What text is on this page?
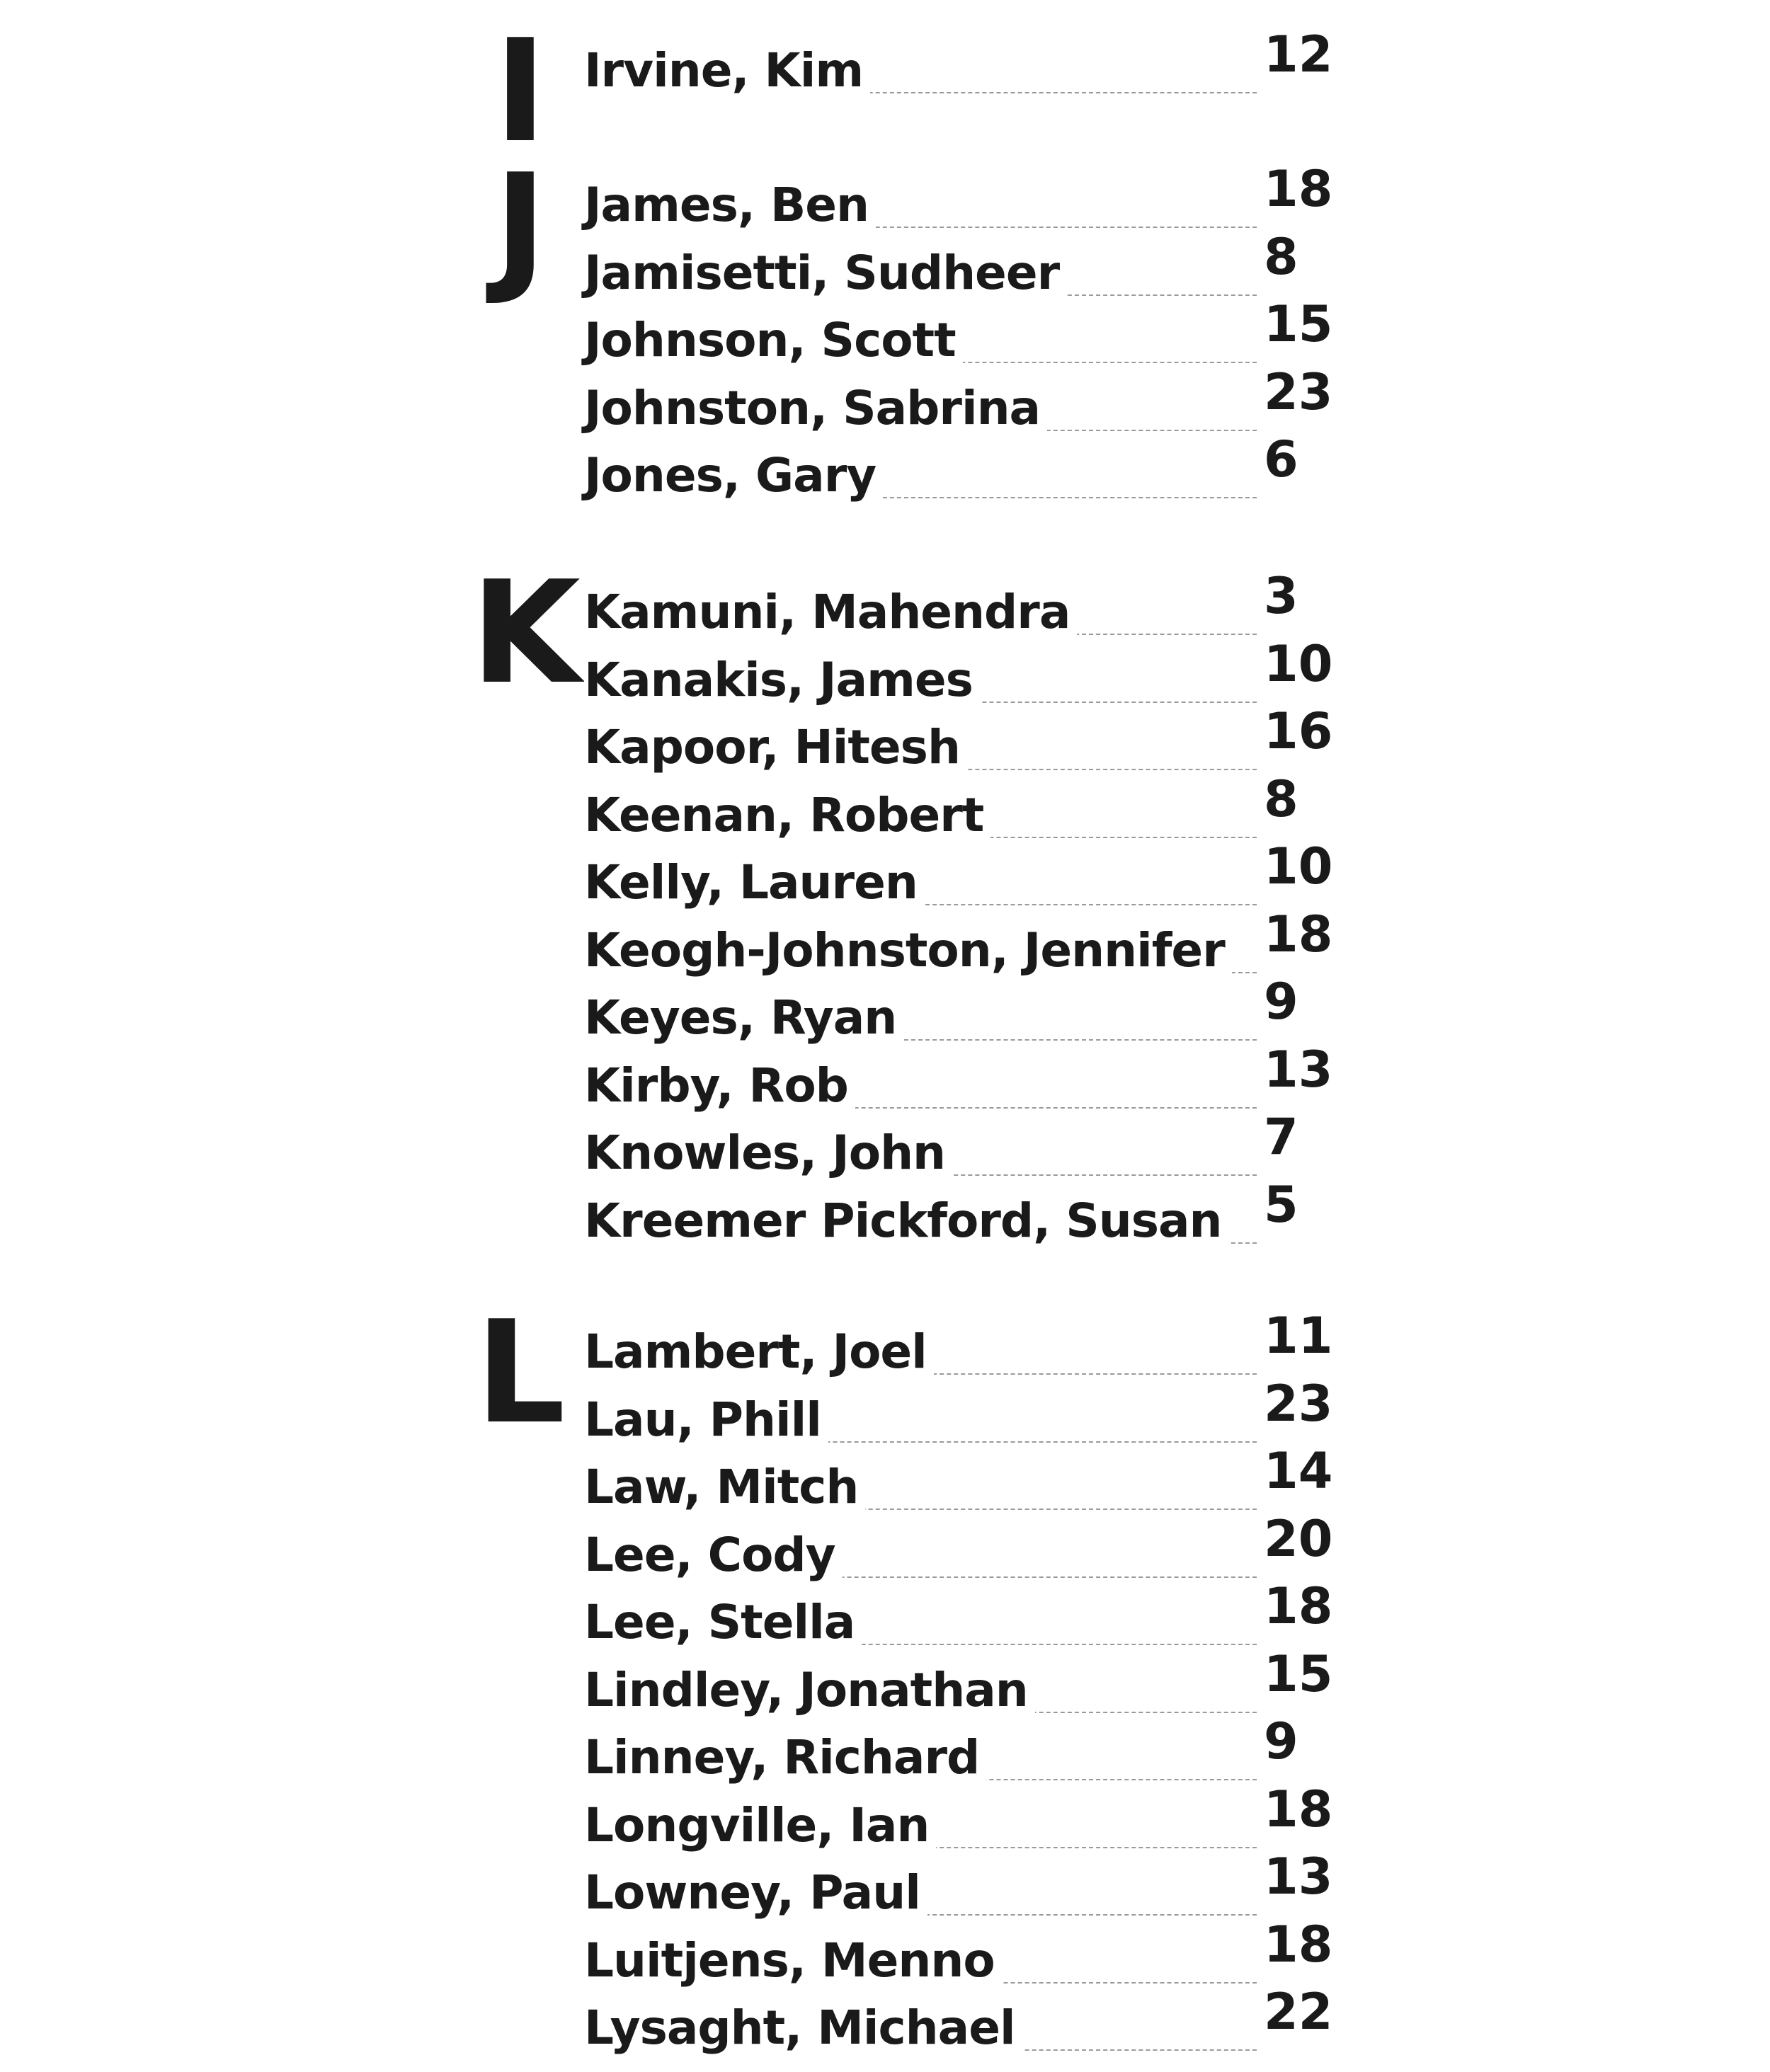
I Irvine, Kim	12
J James, Ben	18
Jamisetti, Sudheer	8
Johnson, Scott	15
Johnston, Sabrina	23
Jones, Gary	6
K Kamuni, Mahendra	3
Kanakis, James	10
Kapoor, Hitesh	16
Keenan, Robert	8
Kelly, Lauren	10
Keogh-Johnston, Jennifer 18
Keyes, Ryan	9
Kirby, Rob	13
Knowles, John	7
Kreemer Pickford, Susan 5
L Lambert, Joel	11
Lau, Phill	23
Law, Mitch	14
Lee, Cody	20
Lee, Stella	18
Lindley, Jonathan	15
Linney, Richard	9
Longville, Ian	18
Lowney, Paul	13
Luitjens, Menno	18
Lysaght, Michael	22
